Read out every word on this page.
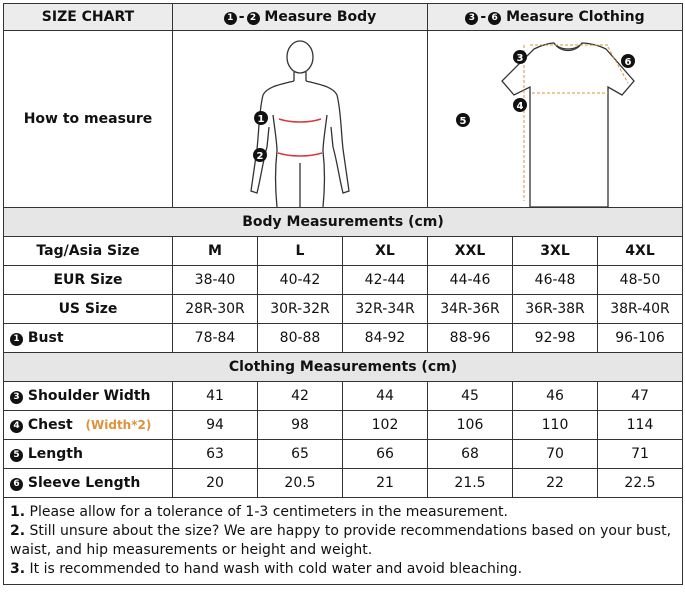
SIZE CHART	1 - 2 Measure Body			3 - 6 Measure Clothing		
How to measure	1
2			3
4
5
6		

Body Measurements (cm)						
Tag/Asia Size	M	L	XL	XXL	3XL	4XL
EUR Size	38-40	40-42	42-44	44-46	46-48	48-50
US Size	28R-30R	30R-32R	32R-34R	34R-36R	36R-38R	38R-40R
1 Bust	78-84	80-88	84-92	88-96	92-98	96-106
Clothing Measurements (cm)						
3 Shoulder Width	41	42	44	45	46	47
4 Chest (Width*2)	94	98	102	106	110	114
5 Length	63	65	66	68	70	71
6 Sleeve Length	20	20.5	21	21.5	22	22.5

1. Please allow for a tolerance of 1-3 centimeters in the measurement.
2. Still unsure about the size? We are happy to provide recommendations based on your bust, waist, and hip measurements or height and weight.
3. It is recommended to hand wash with cold water and avoid bleaching.						
